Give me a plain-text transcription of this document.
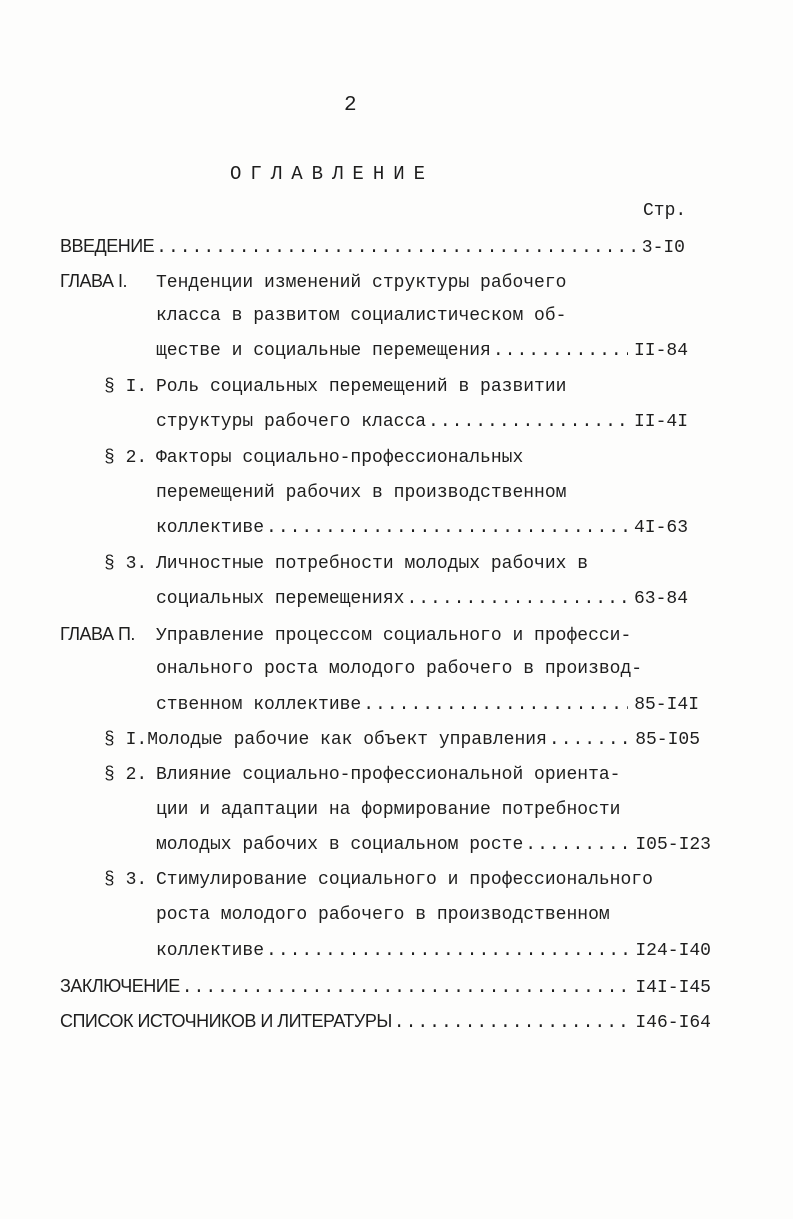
2
ОГЛАВЛЕНИЕ
Стр.
ВВЕДЕНИЕ .....	3-I0
ГЛАВА I.	Тенденции изменений структуры рабочего
класса в развитом социалистическом об-
ществе и социальные перемещения .....	II-84
§ I. Роль социальных перемещений в развитии
структуры рабочего класса .....	II-4I
§ 2. Факторы социально-профессиональных
перемещений рабочих в производственном
коллективе .....	4I-63
§ 3. Личностные потребности молодых рабочих в
социальных перемещениях .....	63-84
ГЛАВА П.	Управление процессом социального и професси-
онального роста молодого рабочего в производ-
ственном коллективе .....	85-I4I
§ I. Молодые рабочие как объект управления .....	85-I05
§ 2. Влияние социально-профессиональной ориента-
ции и адаптации на формирование потребности
молодых рабочих в социальном росте .....	I05-I23
§ 3. Стимулирование социального и профессионального
роста молодого рабочего в производственном
коллективе .....	I24-I40
ЗАКЛЮЧЕНИЕ .....	I4I-I45
СПИСОК ИСТОЧНИКОВ И ЛИТЕРАТУРЫ .....	I46-I64
